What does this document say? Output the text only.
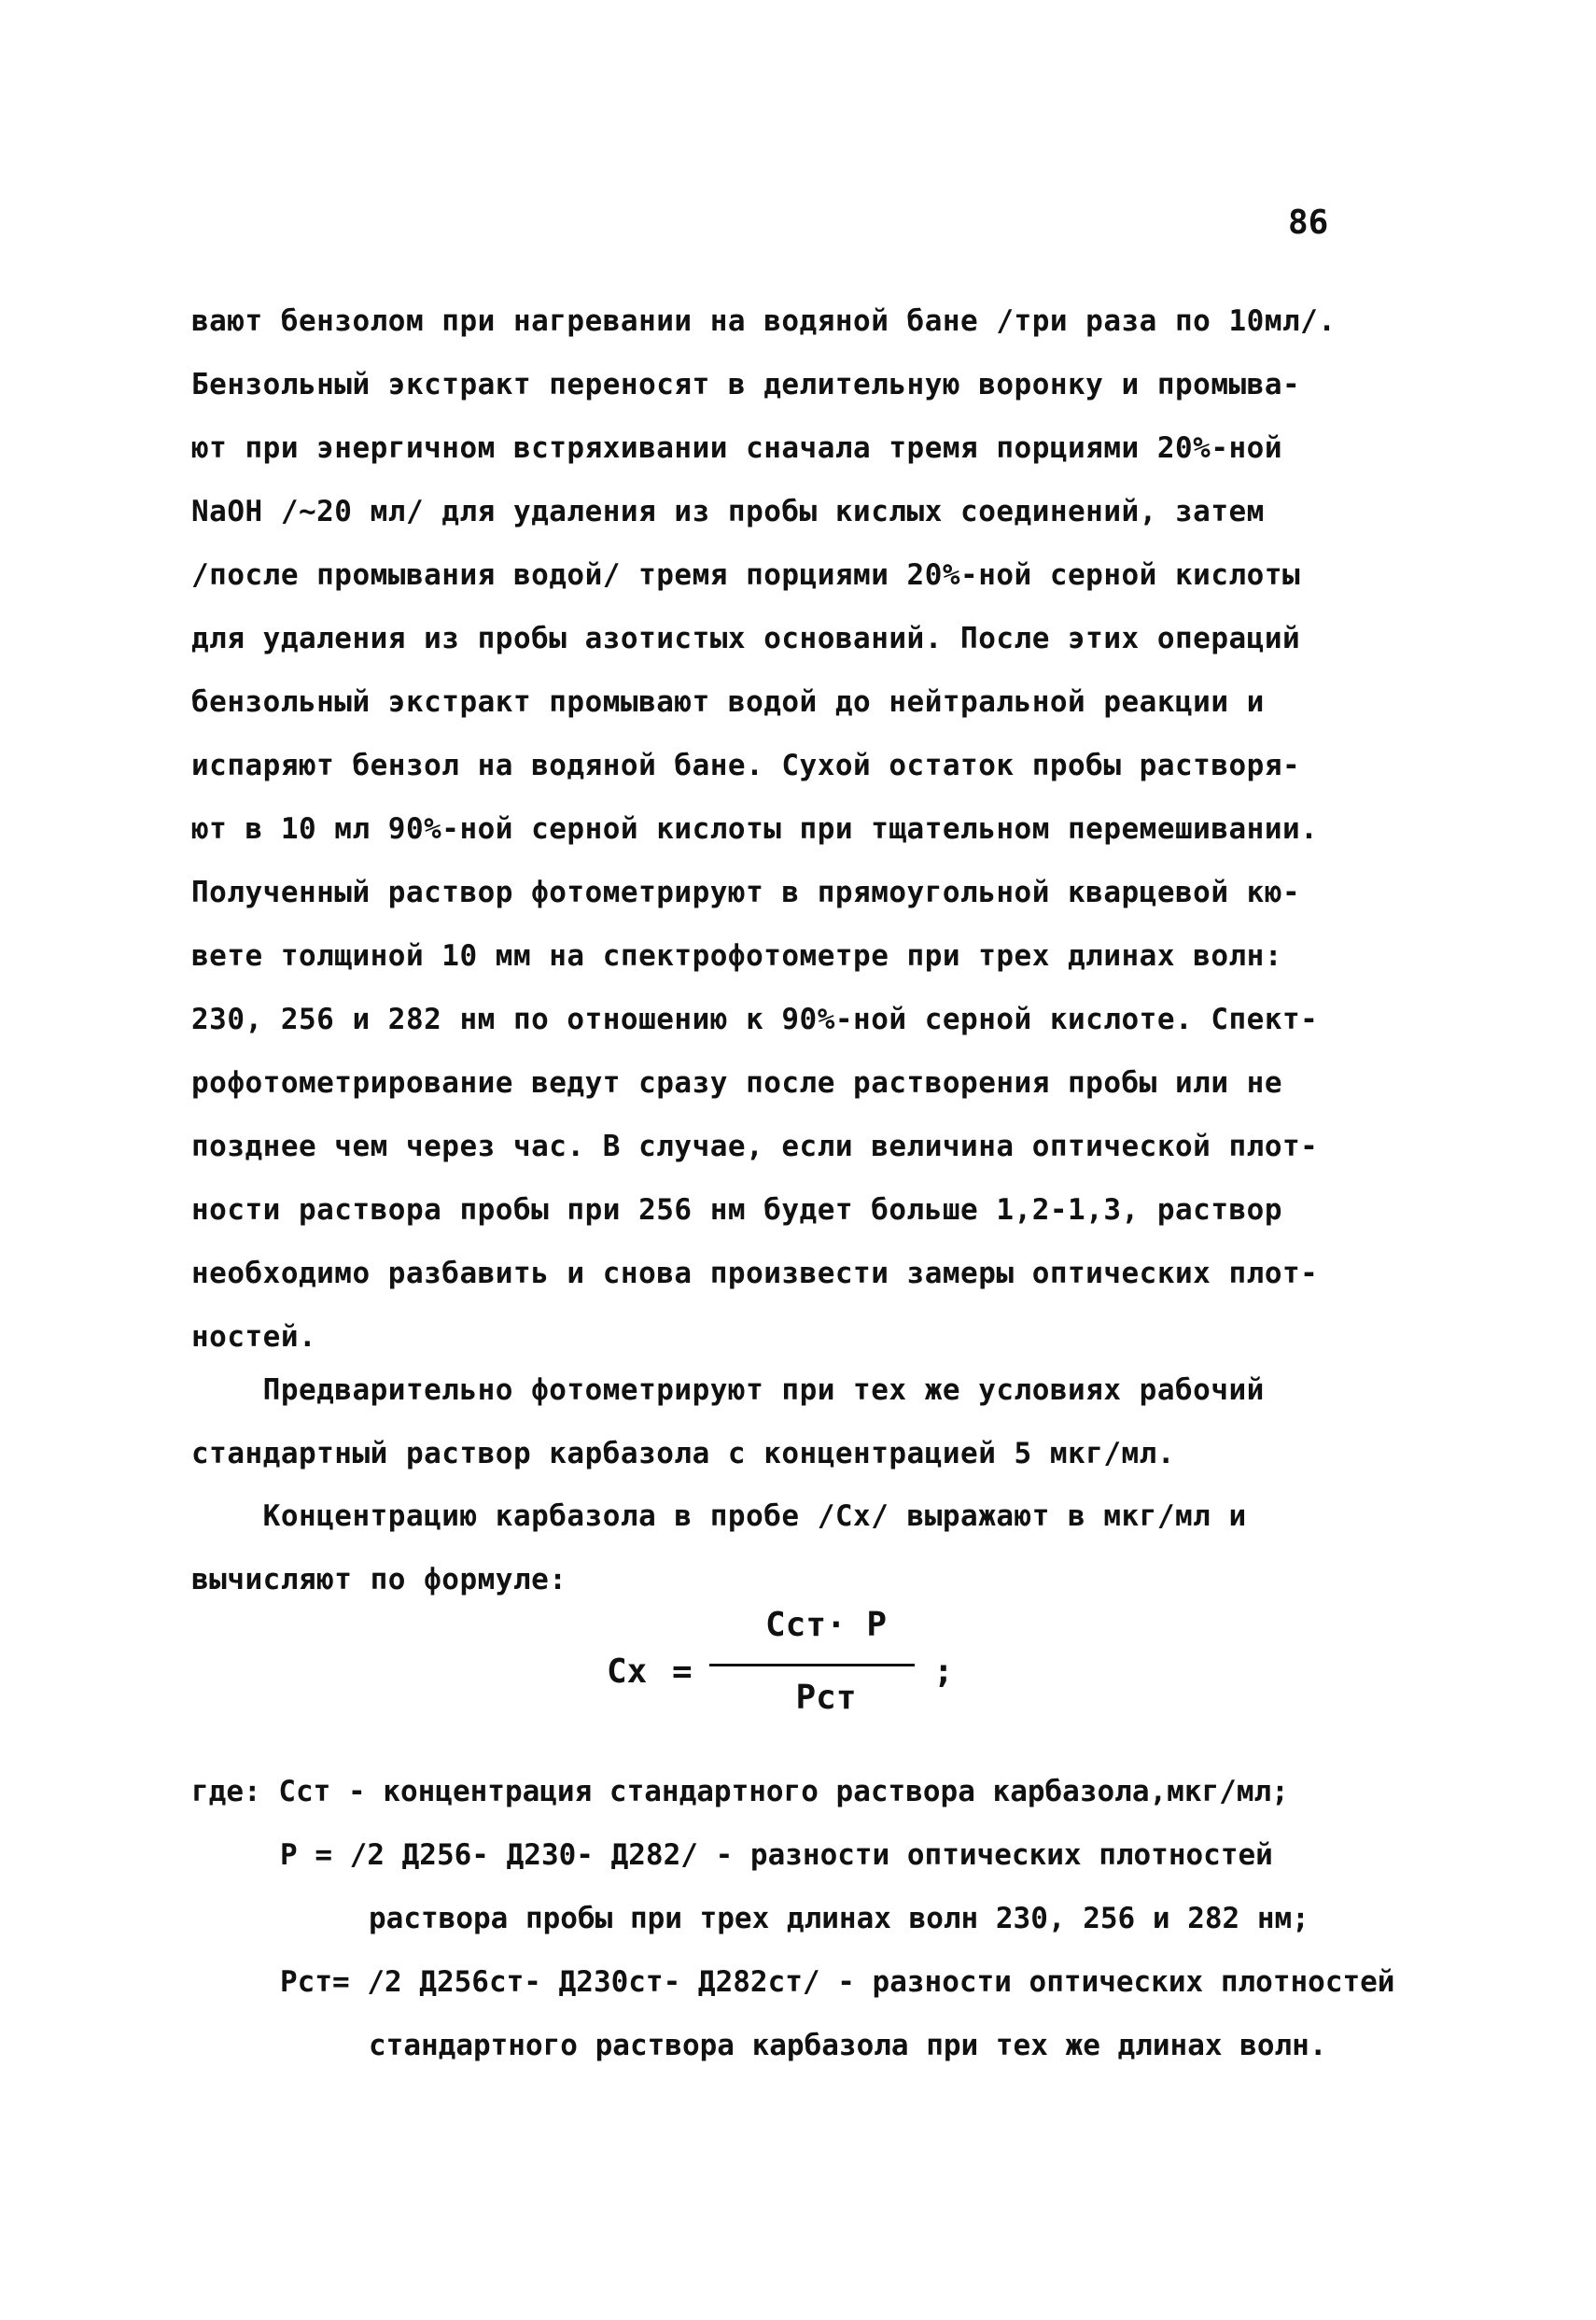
86

вают бензолом при нагревании на водяной бане /три раза по 10мл/.
Бензольный экстракт переносят в делительную воронку и промыва-
ют при энергичном встряхивании сначала тремя порциями 20%-ной
NaOH /~20 мл/ для удаления из пробы кислых соединений, затем
/после промывания водой/ тремя порциями 20%-ной серной кислоты
для удаления из пробы азотистых оснований. После этих операций
бензольный экстракт промывают водой до нейтральной реакции и
испаряют бензол на водяной бане. Сухой остаток пробы растворя-
ют в 10 мл 90%-ной серной кислоты при тщательном перемешивании.
Полученный раствор фотометрируют в прямоугольной кварцевой кю-
вете толщиной 10 мм на спектрофотометре при трех длинах волн:
230, 256 и 282 нм по отношению к 90%-ной серной кислоте. Спект-
рофотометрирование ведут сразу после растворения пробы или не
позднее чем через час. В случае, если величина оптической плот-
ности раствора пробы при 256 нм будет больше 1,2-1,3, раствор
необходимо разбавить и снова произвести замеры оптических плот-
ностей.

Предварительно фотометрируют при тех же условиях рабочий
стандартный раствор карбазола с концентрацией 5 мкг/мл.

Концентрацию карбазола в пробе /Cx/ выражают в мкг/мл и
вычисляют по формуле:

Cx =
Cст· P
Pст
;

где: Cст - концентрация стандартного раствора карбазола,мкг/мл;

P = /2 Д256- Д230- Д282/ - разности оптических плотностей

раствора пробы при трех длинах волн 230, 256 и 282 нм;

Pст= /2 Д256ст- Д230ст- Д282ст/ - разности оптических плотностей

стандартного раствора карбазола при тех же длинах волн.
